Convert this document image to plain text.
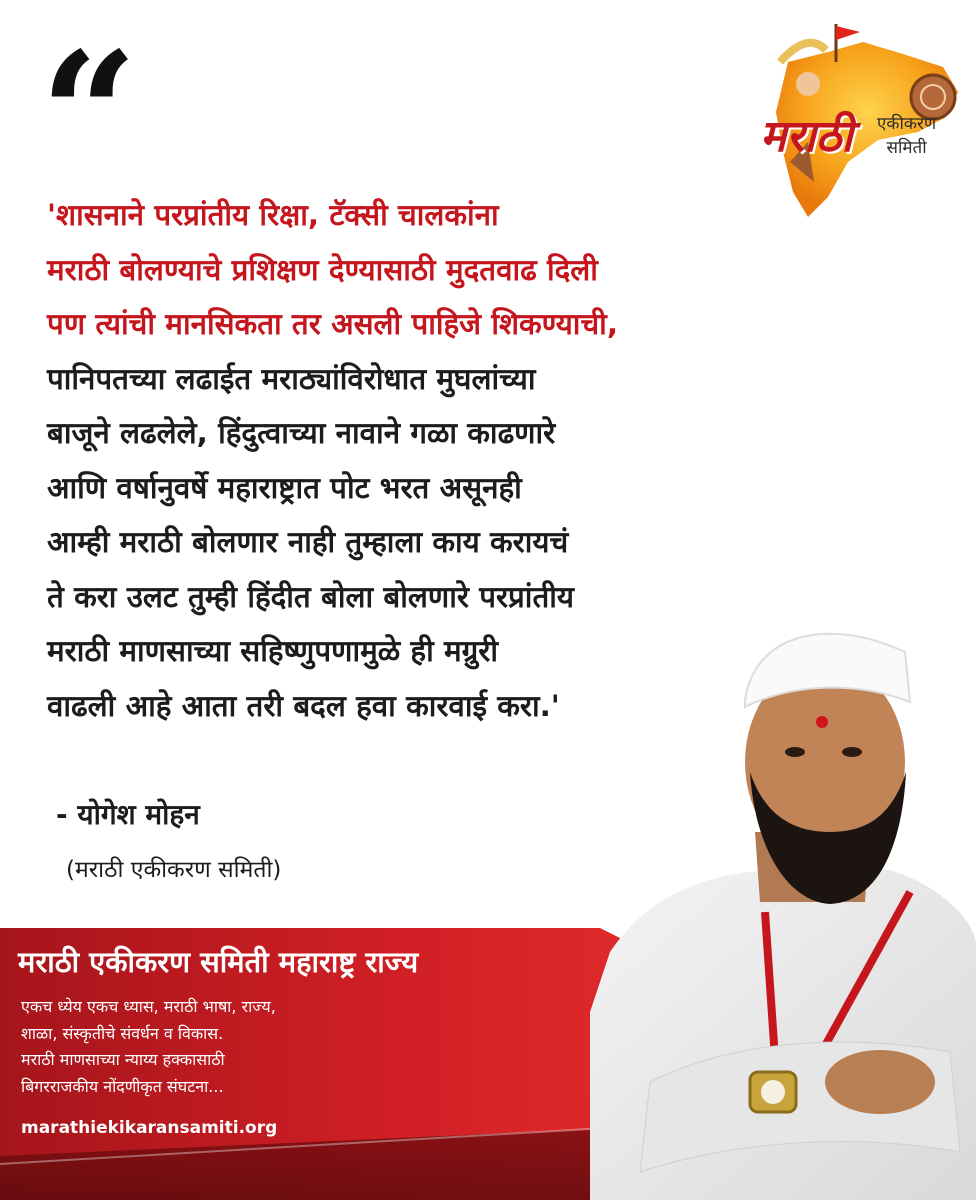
“	मराठी एकीकरण
समिती
'शासनाने परप्रांतीय रिक्षा, टॅक्सी चालकांना
मराठी बोलण्याचे प्रशिक्षण देण्यासाठी मुदतवाढ दिली
पण त्यांची मानसिकता तर असली पाहिजे शिकण्याची,
पानिपतच्या लढाईत मराठ्यांविरोधात मुघलांच्या
बाजूने लढलेले, हिंदुत्वाच्या नावाने गळा काढणारे
आणि वर्षानुवर्षे महाराष्ट्रात पोट भरत असूनही
आम्ही मराठी बोलणार नाही तुम्हाला काय करायचं
ते करा उलट तुम्ही हिंदीत बोला बोलणारे परप्रांतीय
मराठी माणसाच्या सहिष्णुपणामुळे ही मग्रुरी
वाढली आहे आता तरी बदल हवा कारवाई करा.'
- योगेश मोहन
(मराठी एकीकरण समिती)
मराठी एकीकरण समिती महाराष्ट्र राज्य
एकच ध्येय एकच ध्यास, मराठी भाषा, राज्य,
शाळा, संस्कृतीचे संवर्धन व विकास.
मराठी माणसाच्या न्याय्य हक्कासाठी
बिगरराजकीय नोंदणीकृत संघटना...
marathiekikaransamiti.org
